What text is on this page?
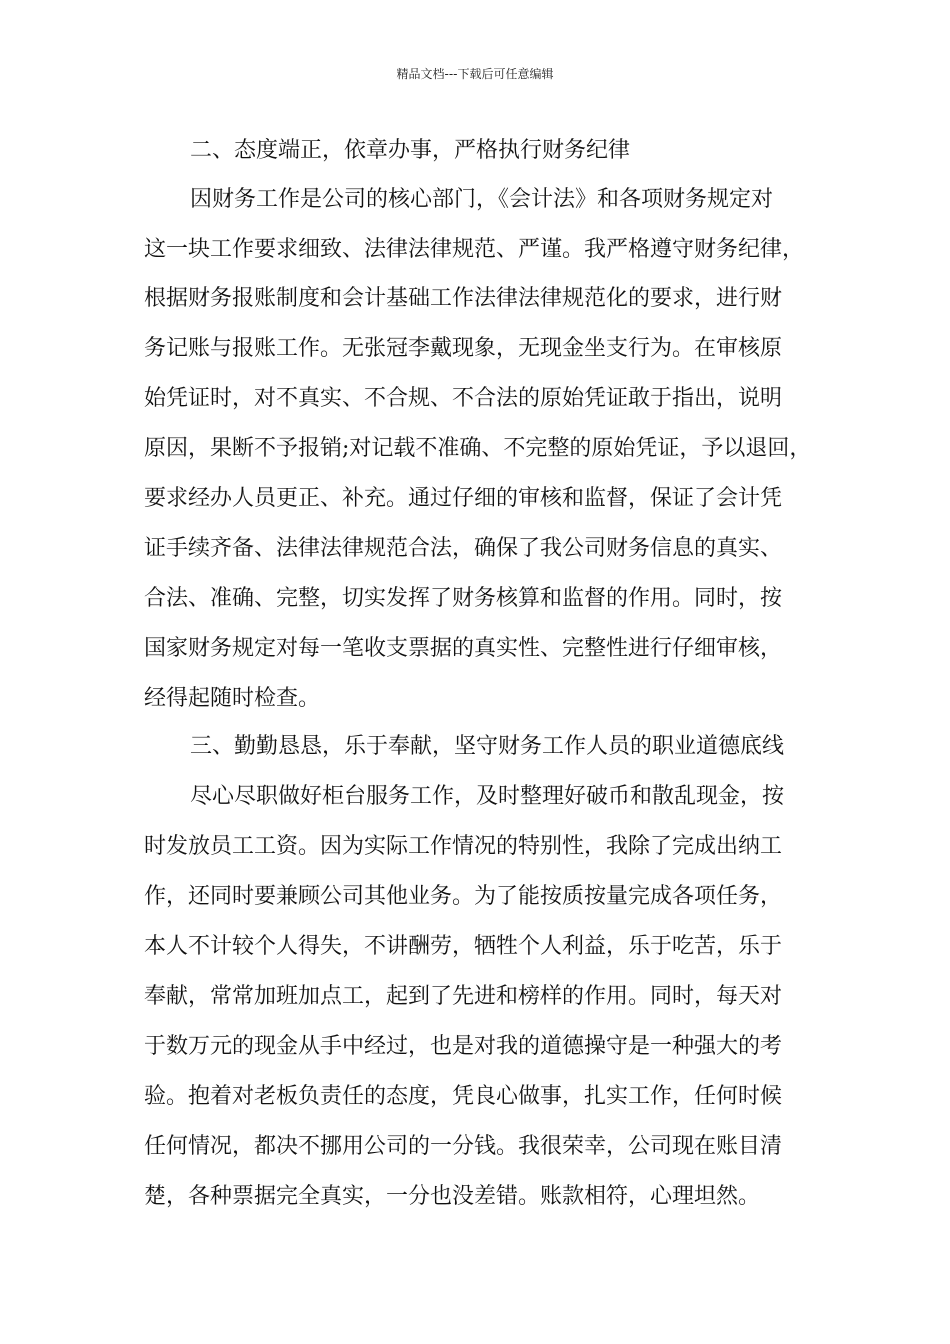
精品文档---下载后可任意编辑
二、态度端正，依章办事，严格执行财务纪律
因财务工作是公司的核心部门，《会计法》和各项财务规定对
这一块工作要求细致、法律法律规范、严谨。我严格遵守财务纪律，
根据财务报账制度和会计基础工作法律法律规范化的要求，进行财
务记账与报账工作。无张冠李戴现象，无现金坐支行为。在审核原
始凭证时，对不真实、不合规、不合法的原始凭证敢于指出，说明
原因，果断不予报销;对记载不准确、不完整的原始凭证，予以退回，
要求经办人员更正、补充。通过仔细的审核和监督，保证了会计凭
证手续齐备、法律法律规范合法，确保了我公司财务信息的真实、
合法、准确、完整，切实发挥了财务核算和监督的作用。同时，按
国家财务规定对每一笔收支票据的真实性、完整性进行仔细审核，
经得起随时检查。
三、勤勤恳恳，乐于奉献，坚守财务工作人员的职业道德底线
尽心尽职做好柜台服务工作，及时整理好破币和散乱现金，按
时发放员工工资。因为实际工作情况的特别性，我除了完成出纳工
作，还同时要兼顾公司其他业务。为了能按质按量完成各项任务，
本人不计较个人得失，不讲酬劳，牺牲个人利益，乐于吃苦，乐于
奉献，常常加班加点工，起到了先进和榜样的作用。同时，每天对
于数万元的现金从手中经过，也是对我的道德操守是一种强大的考
验。抱着对老板负责任的态度，凭良心做事，扎实工作，任何时候
任何情况，都决不挪用公司的一分钱。我很荣幸，公司现在账目清
楚，各种票据完全真实，一分也没差错。账款相符，心理坦然。
